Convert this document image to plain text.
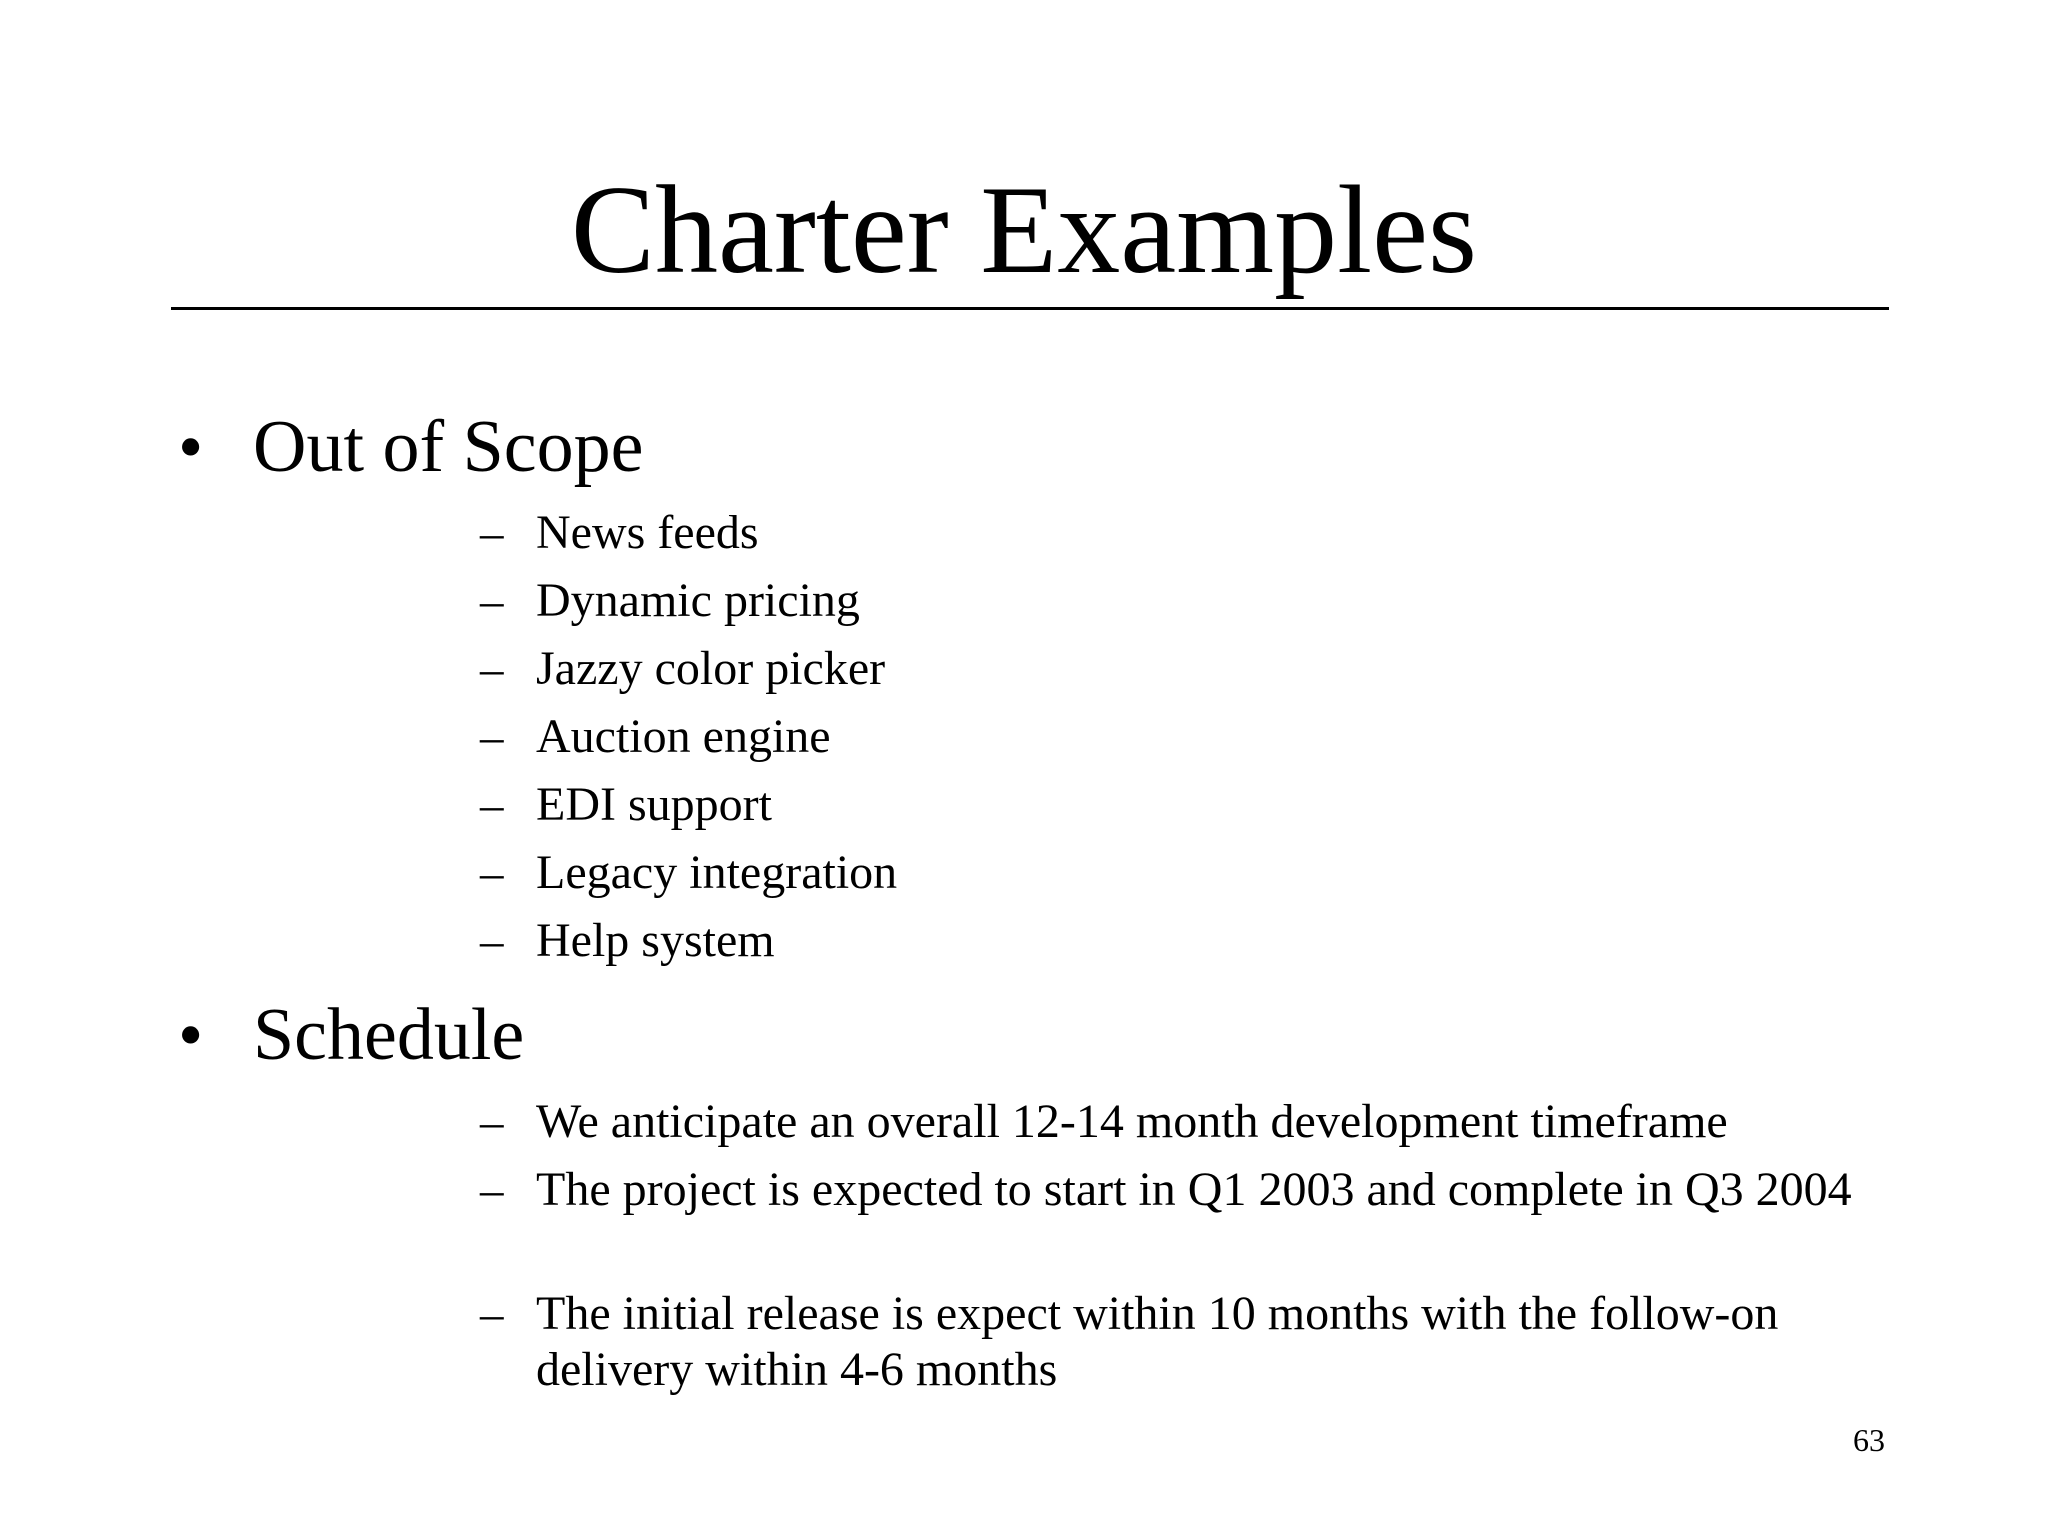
Charter Examples
• Out of Scope
– News feeds
– Dynamic pricing
– Jazzy color picker
– Auction engine
– EDI support
– Legacy integration
– Help system
• Schedule
– We anticipate an overall 12-14 month development timeframe
– The project is expected to start in Q1 2003 and complete in Q3 2004
– The initial release is expect within 10 months with the follow-on delivery within 4-6 months
63
